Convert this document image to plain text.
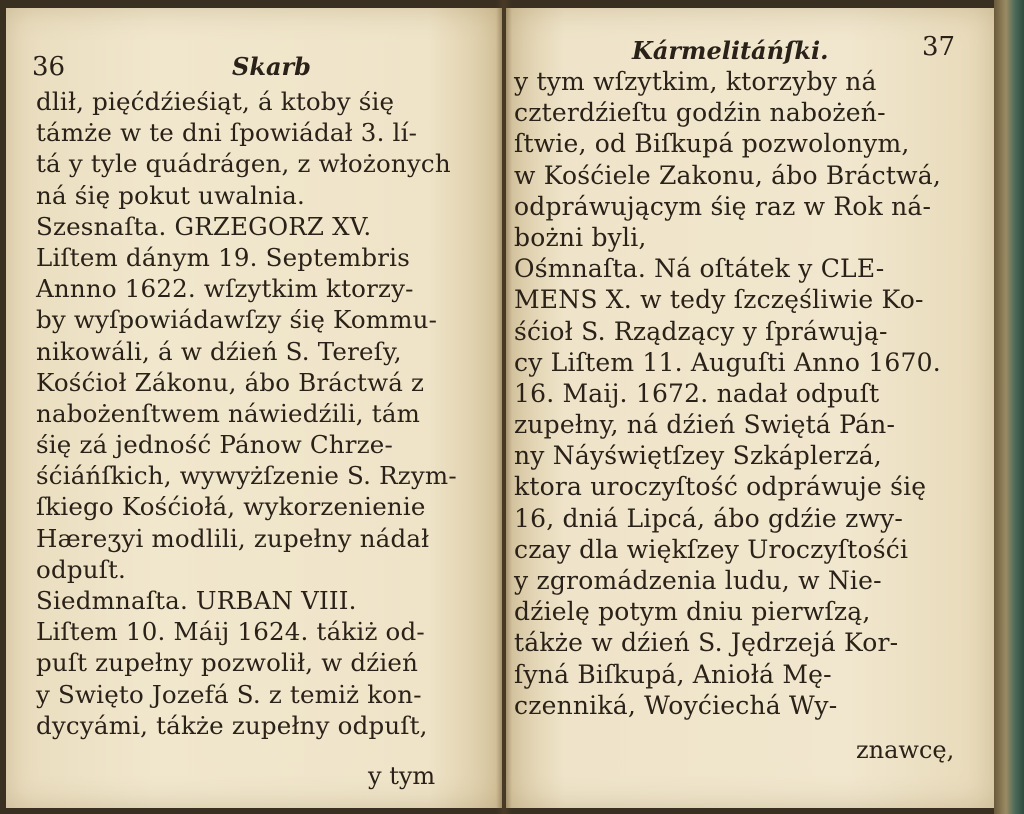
36	Skarb
dlił, pięćdźieśiąt, á ktoby śię
támże w te dni ſpowiádał 3. lí-
tá y tyle quádrágen, z włożonych
ná śię pokut uwalnia.
Szesnaſta. GRZEGORZ XV.
Liſtem dánym 19. Septembris
Annno 1622. wſzytkim ktorzy-
by wyſpowiádawſzy śię Kommu-
nikowáli, á w dźień S. Tereſy,
Kośćioł Zákonu, ábo Bráctwá z
nabożenſtwem náwiedźili, tám
śię zá jedność Pánow Chrze-
śćiáńſkich, wywyżſzenie S. Rzym-
ſkiego Kośćiołá, wykorzenienie
Hæreʒyi modlili, zupełny nádał
odpuſt.
Siedmnaſta. URBAN VIII.
Liſtem 10. Máij 1624. tákiż od-
puſt zupełny pozwolił, w dźień
y Swięto Jozefá S. z temiż kon-
dycyámi, tákże zupełny odpuſt,
y tym
Kármelitáńſki.	37
y tym wſzytkim, ktorzyby ná
czterdźieſtu godźin nabożeń-
ſtwie, od Biſkupá pozwolonym,
w Kośćiele Zakonu, ábo Bráctwá,
odpráwującym śię raz w Rok ná-
bożni byli,
Ośmnaſta. Ná oſtátek y CLE-
MENS X. w tedy ſzczęśliwie Ko-
śćioł S. Rządzący y ſpráwują-
cy Liſtem 11. Auguſti Anno 1670.
16. Maij. 1672. nadał odpuſt
zupełny, ná dźień Swiętá Pán-
ny Náyświętſzey Szkáplerzá,
ktora uroczyſtość odpráwuje śię
16, dniá Lipcá, ábo gdźie zwy-
czay dla więkſzey Uroczyſtośći
y zgromádzenia ludu, w Nie-
dźielę potym dniu pierwſzą,
tákże w dźień S. Jędrzejá Kor-
ſyná Biſkupá, Aniołá Mę-
czenniká, Woyćiechá Wy-
znawcę,
